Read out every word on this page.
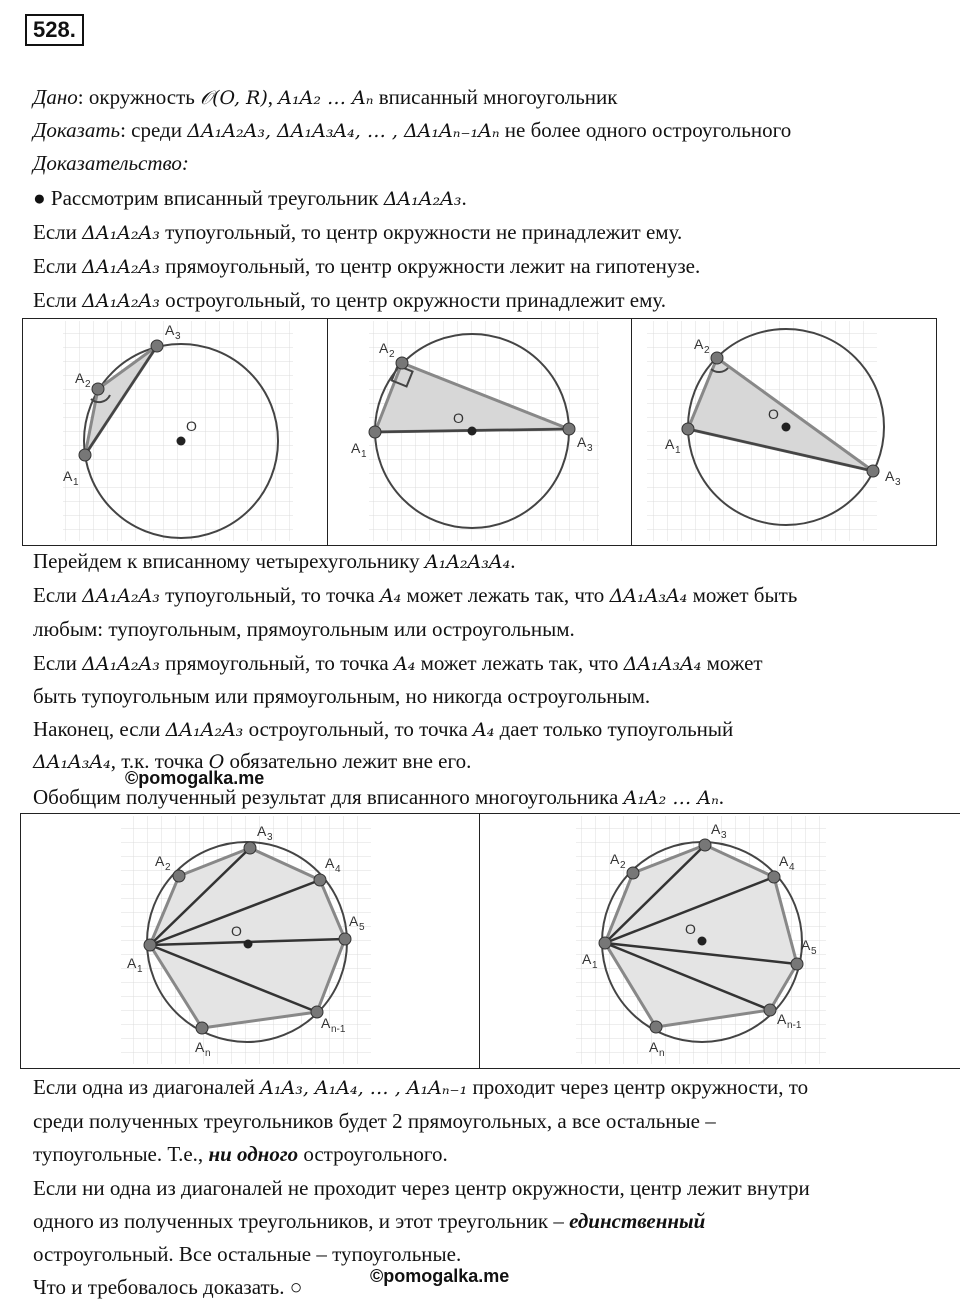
528.
Дано: окружность 𝒪(O, R), A₁A₂ … Aₙ вписанный многоугольник
Доказать: среди ΔA₁A₂A₃, ΔA₁A₃A₄, … , ΔA₁Aₙ₋₁Aₙ не более одного остроугольного
Доказательство:
● Рассмотрим вписанный треугольник ΔA₁A₂A₃.
Если ΔA₁A₂A₃ тупоугольный, то центр окружности не принадлежит ему.
Если ΔA₁A₂A₃ прямоугольный, то центр окружности лежит на гипотенузе.
Если ΔA₁A₂A₃ остроугольный, то центр окружности принадлежит ему.
A 1
A 2
A 3
O
A 1
A 2
A 3
O
A 1
A 2
A 3
O
Перейдем к вписанному четырехугольнику A₁A₂A₃A₄.
Если ΔA₁A₂A₃ тупоугольный, то точка A₄ может лежать так, что ΔA₁A₃A₄ может быть
любым: тупоугольным, прямоугольным или остроугольным.
Если ΔA₁A₂A₃ прямоугольный, то точка A₄ может лежать так, что ΔA₁A₃A₄ может
быть тупоугольным или прямоугольным, но никогда остроугольным.
Наконец, если ΔA₁A₂A₃ остроугольный, то точка A₄ дает только тупоугольный
ΔA₁A₃A₄, т.к. точка O обязательно лежит вне его.
©pomogalka.me
Обобщим полученный результат для вписанного многоугольника A₁A₂ … Aₙ.
A 1
A 2
A 3
A 4
A 5
A n-1
A n
O
A 1
A 2
A 3
A 4
A 5
A n-1
A n
O
Если одна из диагоналей A₁A₃, A₁A₄, … , A₁Aₙ₋₁ проходит через центр окружности, то
среди полученных треугольников будет 2 прямоугольных, а все остальные –
тупоугольные. Т.е., ни одного остроугольного.
Если ни одна из диагоналей не проходит через центр окружности, центр лежит внутри
одного из полученных треугольников, и этот треугольник – единственный
остроугольный. Все остальные – тупоугольные.
Что и требовалось доказать. ○	©pomogalka.me
